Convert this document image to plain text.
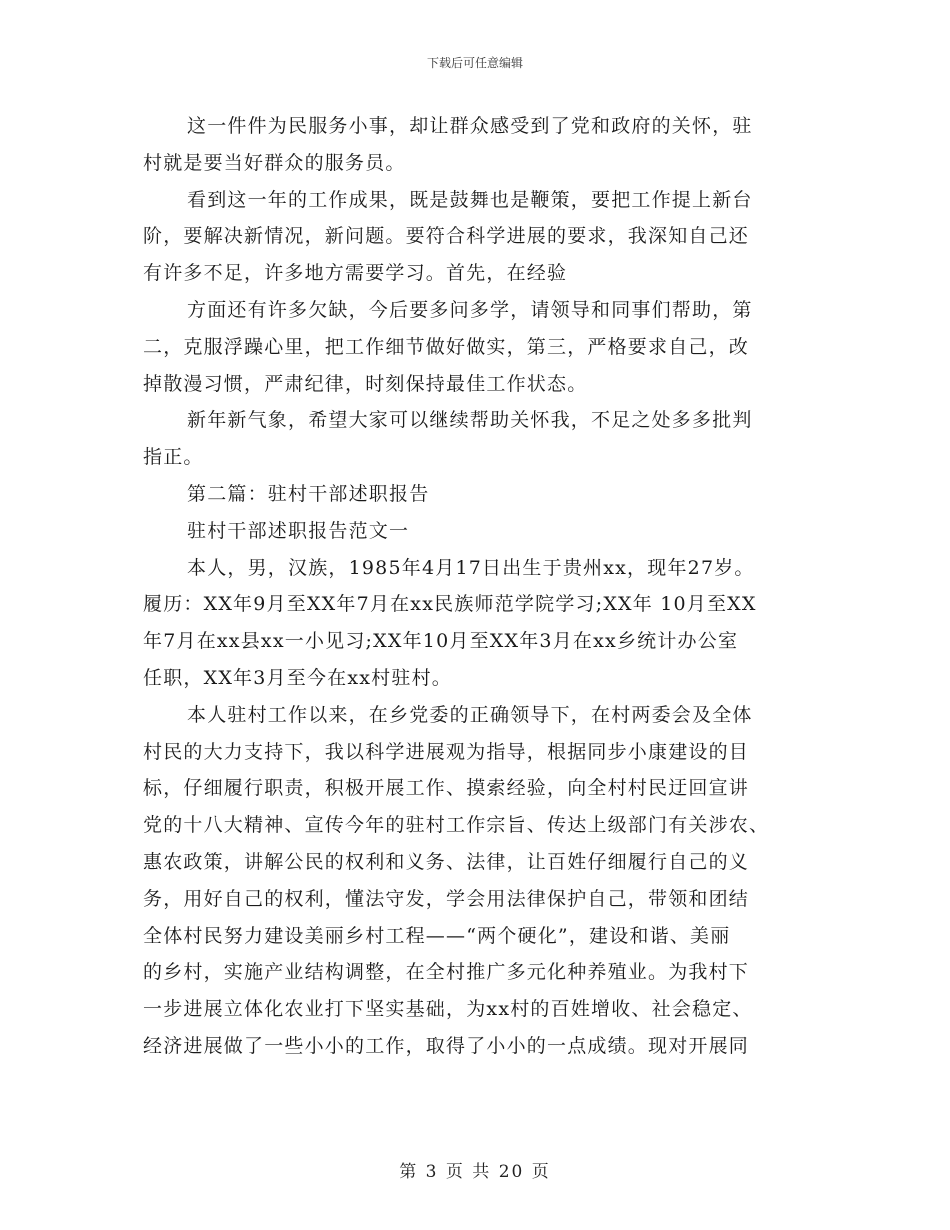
下载后可任意编辑
这一件件为民服务小事，却让群众感受到了党和政府的关怀，驻
村就是要当好群众的服务员。
看到这一年的工作成果，既是鼓舞也是鞭策，要把工作提上新台
阶，要解决新情况，新问题。要符合科学进展的要求，我深知自己还
有许多不足，许多地方需要学习。首先，在经验
方面还有许多欠缺，今后要多问多学，请领导和同事们帮助，第
二，克服浮躁心里，把工作细节做好做实，第三，严格要求自己，改
掉散漫习惯，严肃纪律，时刻保持最佳工作状态。
新年新气象，希望大家可以继续帮助关怀我，不足之处多多批判
指正。
第二篇：驻村干部述职报告
驻村干部述职报告范文一
本人，男，汉族，1985年4月17日出生于贵州xx，现年27岁。
履历：XX年9月至XX年7月在xx民族师范学院学习;XX年 10月至XX
年7月在xx县xx一小见习;XX年10月至XX年3月在xx乡统计办公室
任职，XX年3月至今在xx村驻村。
本人驻村工作以来，在乡党委的正确领导下，在村两委会及全体
村民的大力支持下，我以科学进展观为指导，根据同步小康建设的目
标，仔细履行职责，积极开展工作、摸索经验，向全村村民迂回宣讲
党的十八大精神、宣传今年的驻村工作宗旨、传达上级部门有关涉农、
惠农政策，讲解公民的权利和义务、法律，让百姓仔细履行自己的义
务，用好自己的权利，懂法守发，学会用法律保护自己，带领和团结
全体村民努力建设美丽乡村工程——“两个硬化”，建设和谐、美丽
的乡村，实施产业结构调整，在全村推广多元化种养殖业。为我村下
一步进展立体化农业打下坚实基础，为xx村的百姓增收、社会稳定、
经济进展做了一些小小的工作，取得了小小的一点成绩。现对开展同
第 3 页 共 20 页
